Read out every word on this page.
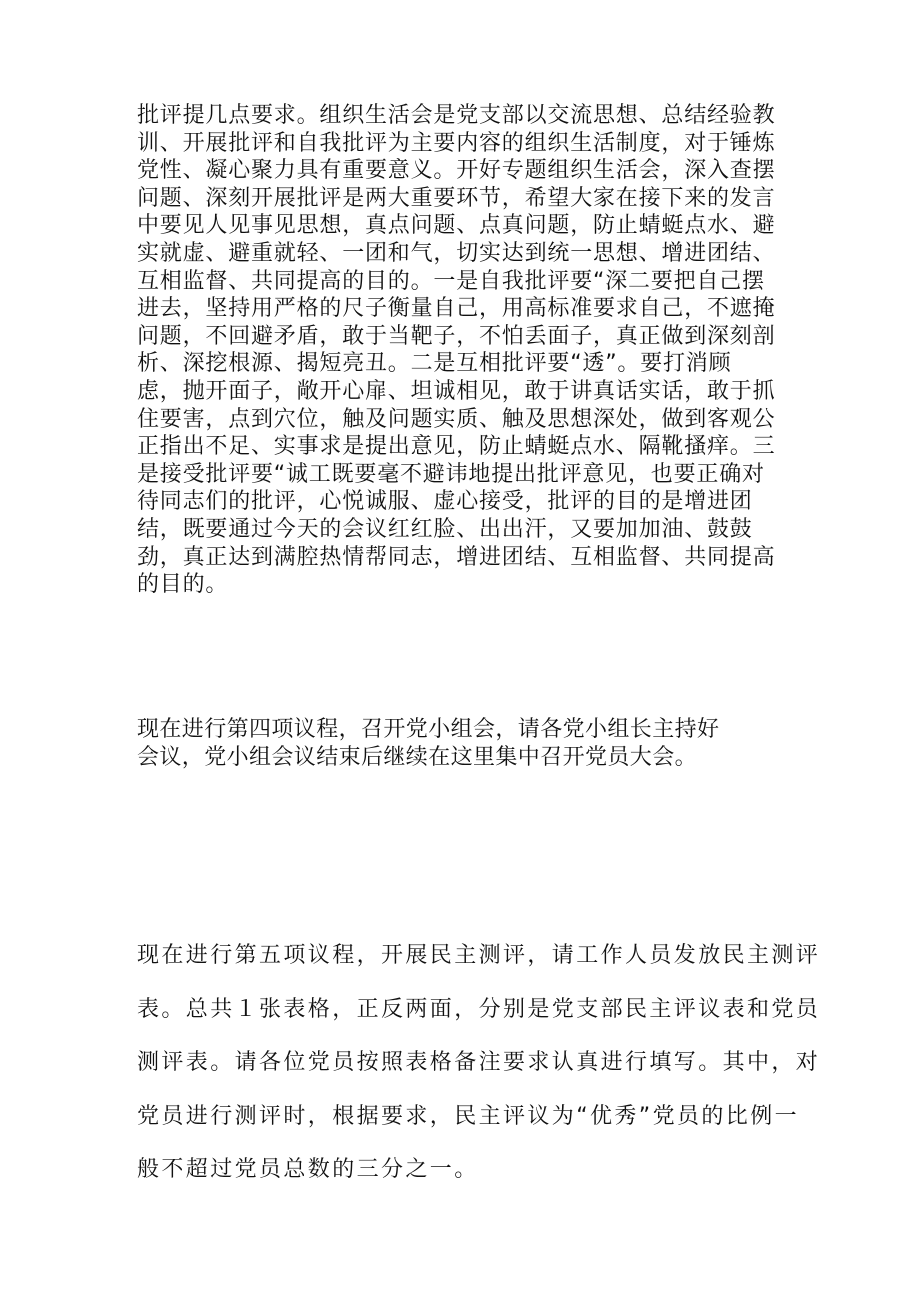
批评提几点要求。组织生活会是党支部以交流思想、总结经验教
训、开展批评和自我批评为主要内容的组织生活制度，对于锤炼
党性、凝心聚力具有重要意义。开好专题组织生活会，深入查摆
问题、深刻开展批评是两大重要环节，希望大家在接下来的发言
中要见人见事见思想，真点问题、点真问题，防止蜻蜓点水、避
实就虚、避重就轻、一团和气，切实达到统一思想、增进团结、
互相监督、共同提高的目的。一是自我批评要“深二要把自己摆
进去，坚持用严格的尺子衡量自己，用高标准要求自己，不遮掩
问题，不回避矛盾，敢于当靶子，不怕丢面子，真正做到深刻剖
析、深挖根源、揭短亮丑。二是互相批评要“透”。要打消顾
虑，抛开面子，敞开心扉、坦诚相见，敢于讲真话实话，敢于抓
住要害，点到穴位，触及问题实质、触及思想深处，做到客观公
正指出不足、实事求是提出意见，防止蜻蜓点水、隔靴搔痒。三
是接受批评要“诚工既要毫不避讳地提出批评意见，也要正确对
待同志们的批评，心悦诚服、虚心接受，批评的目的是增进团
结，既要通过今天的会议红红脸、出出汗，又要加加油、鼓鼓
劲，真正达到满腔热情帮同志，增进团结、互相监督、共同提高
的目的。
现在进行第四项议程，召开党小组会，请各党小组长主持好
会议，党小组会议结束后继续在这里集中召开党员大会。
现在进行第五项议程，开展民主测评，请工作人员发放民主测评
表。总共１张表格，正反两面，分别是党支部民主评议表和党员
测评表。请各位党员按照表格备注要求认真进行填写。其中，对
党员进行测评时，根据要求，民主评议为“优秀”党员的比例一
般不超过党员总数的三分之一。
